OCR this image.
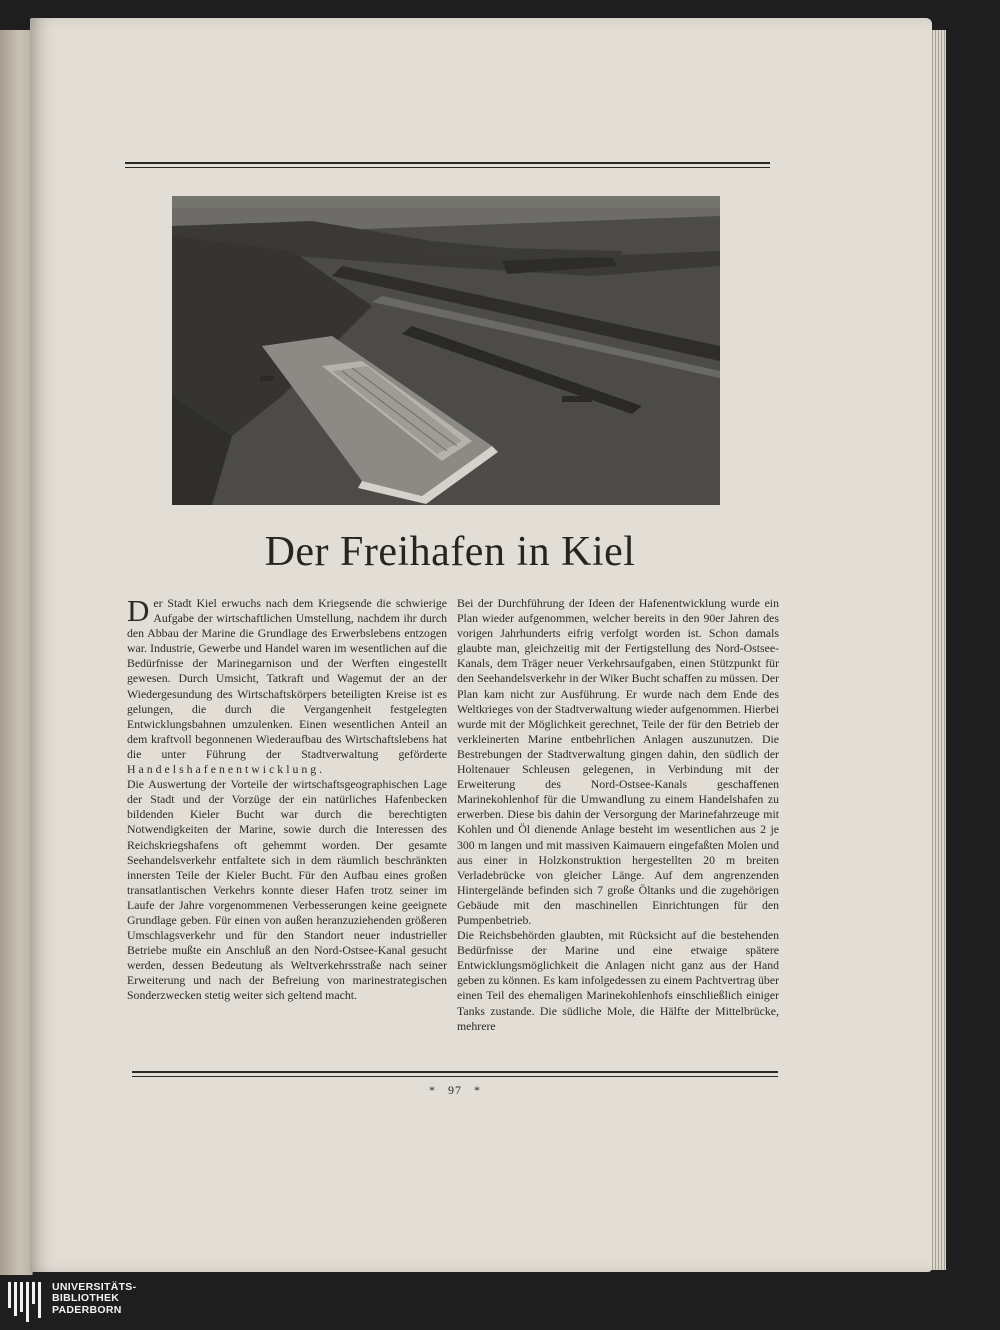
Der Freihafen in Kiel

Der Stadt Kiel erwuchs nach dem Kriegsende die schwierige Aufgabe der wirtschaftlichen Umstellung, nachdem ihr durch den Abbau der Marine die Grundlage des Erwerbslebens entzogen war. Industrie, Gewerbe und Handel waren im wesentlichen auf die Bedürfnisse der Marinegarnison und der Werften eingestellt gewesen. Durch Umsicht, Tatkraft und Wagemut der an der Wiedergesundung des Wirtschaftskörpers beteiligten Kreise ist es gelungen, die durch die Vergangenheit festgelegten Entwicklungsbahnen umzulenken. Einen wesentlichen Anteil an dem kraftvoll begonnenen Wiederaufbau des Wirtschaftslebens hat die unter Führung der Stadtverwaltung geförderte Handelshafenentwicklung.

Die Auswertung der Vorteile der wirtschaftsgeographischen Lage der Stadt und der Vorzüge der ein natürliches Hafenbecken bildenden Kieler Bucht war durch die berechtigten Notwendigkeiten der Marine, sowie durch die Interessen des Reichskriegshafens oft gehemmt worden. Der gesamte Seehandelsverkehr entfaltete sich in dem räumlich beschränkten innersten Teile der Kieler Bucht. Für den Aufbau eines großen transatlantischen Verkehrs konnte dieser Hafen trotz seiner im Laufe der Jahre vorgenommenen Verbesserungen keine geeignete Grundlage geben. Für einen von außen heranzuziehenden größeren Umschlagsverkehr und für den Standort neuer industrieller Betriebe mußte ein Anschluß an den Nord-Ostsee-Kanal gesucht werden, dessen Bedeutung als Weltverkehrsstraße nach seiner Erweiterung und nach der Befreiung von marinestrategischen Sonderzwecken stetig weiter sich geltend macht.

Bei der Durchführung der Ideen der Hafenentwicklung wurde ein Plan wieder aufgenommen, welcher bereits in den 90er Jahren des vorigen Jahrhunderts eifrig verfolgt worden ist. Schon damals glaubte man, gleichzeitig mit der Fertigstellung des Nord-Ostsee-Kanals, dem Träger neuer Verkehrsaufgaben, einen Stützpunkt für den Seehandelsverkehr in der Wiker Bucht schaffen zu müssen. Der Plan kam nicht zur Ausführung. Er wurde nach dem Ende des Weltkrieges von der Stadtverwaltung wieder aufgenommen. Hierbei wurde mit der Möglichkeit gerechnet, Teile der für den Betrieb der verkleinerten Marine entbehrlichen Anlagen auszunutzen. Die Bestrebungen der Stadtverwaltung gingen dahin, den südlich der Holtenauer Schleusen gelegenen, in Verbindung mit der Erweiterung des Nord-Ostsee-Kanals geschaffenen Marinekohlenhof für die Umwandlung zu einem Handelshafen zu erwerben. Diese bis dahin der Versorgung der Marinefahrzeuge mit Kohlen und Öl dienende Anlage besteht im wesentlichen aus 2 je 300 m langen und mit massiven Kaimauern eingefaßten Molen und aus einer in Holzkonstruktion hergestellten 20 m breiten Verladebrücke von gleicher Länge. Auf dem angrenzenden Hintergelände befinden sich 7 große Öltanks und die zugehörigen Gebäude mit den maschinellen Einrichtungen für den Pumpenbetrieb.

Die Reichsbehörden glaubten, mit Rücksicht auf die bestehenden Bedürfnisse der Marine und eine etwaige spätere Entwicklungsmöglichkeit die Anlagen nicht ganz aus der Hand geben zu können. Es kam infolgedessen zu einem Pachtvertrag über einen Teil des ehemaligen Marinekohlenhofs einschließlich einiger Tanks zustande. Die südliche Mole, die Hälfte der Mittelbrücke, mehrere

* 97 *
UNIVERSITÄTS-
BIBLIOTHEK
PADERBORN
